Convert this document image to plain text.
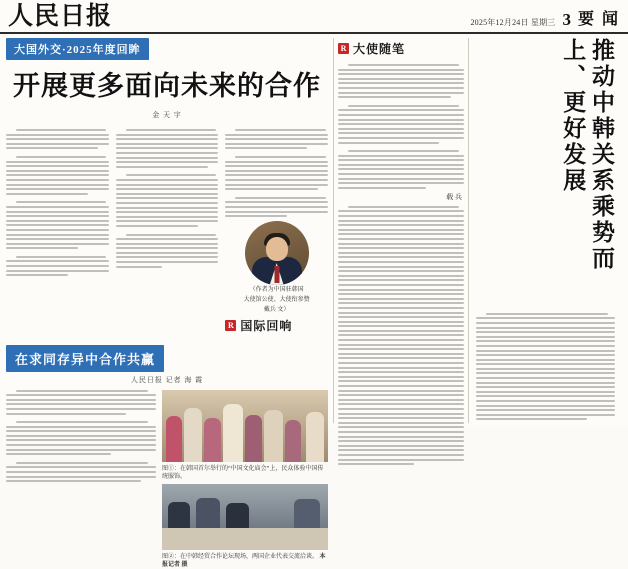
人民日报	2025年12月24日 星期三 3 要 闻
大国外交·2025年度回眸
开展更多面向未来的合作
金 天 宇
（作者为中国驻韩国
大使馆公使、大使衔参赞
戴兵 文）
R 国际回响
在求同存异中合作共赢
人民日报 记者 海 霞
图①：在韩国首尔举行的“中国文化庙会”上，民众体验中国传统服饰。
图②：在中韩经贸合作论坛现场，两国企业代表交流洽谈。 本报记者 摄
R 大使随笔
载 兵	推动中韩关系乘势而上、更好发展
